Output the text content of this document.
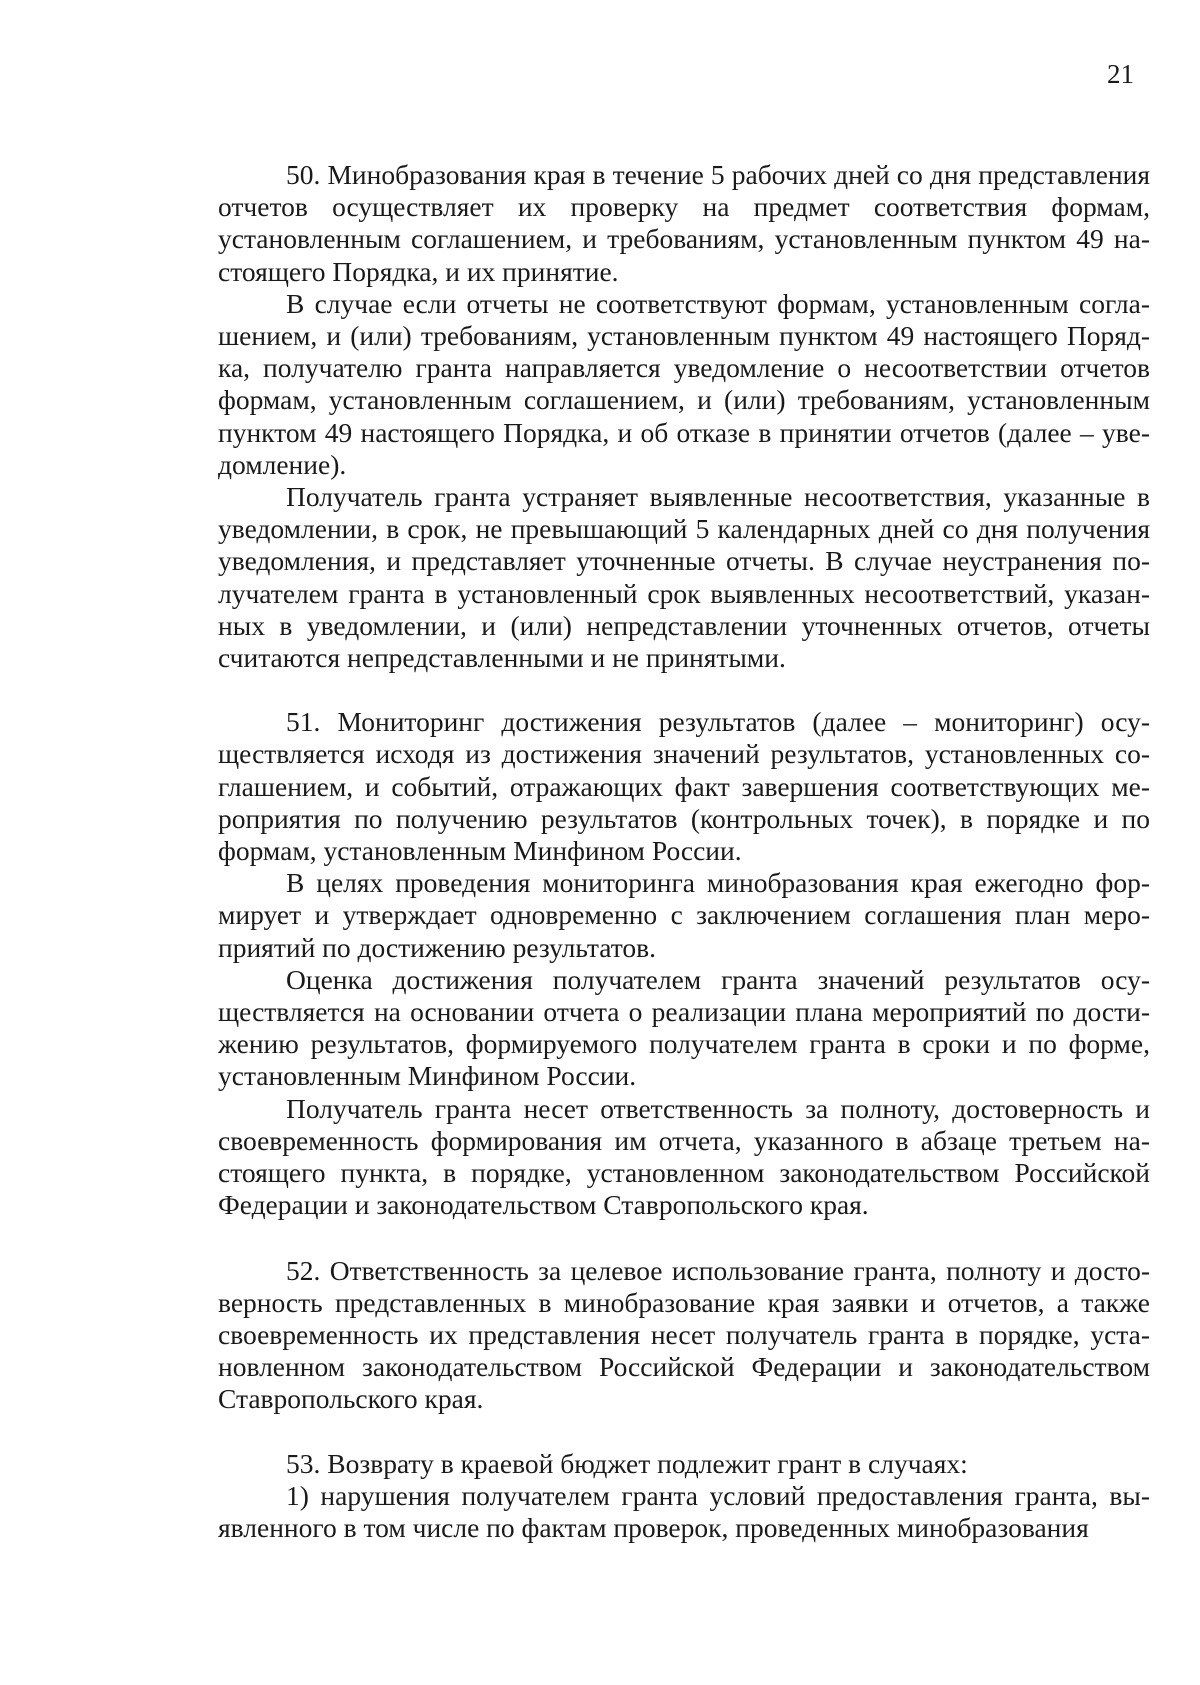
21

50. Минобразования края в течение 5 рабочих дней со дня представления отчетов осуществляет их проверку на предмет соответствия формам, установленным соглашением, и требованиям, установленным пунктом 49 настоящего Порядка, и их принятие.

В случае если отчеты не соответствуют формам, установленным соглашением, и (или) требованиям, установленным пунктом 49 настоящего Порядка, получателю гранта направляется уведомление о несоответствии отчетов формам, установленным соглашением, и (или) требованиям, установленным пунктом 49 настоящего Порядка, и об отказе в принятии отчетов (далее – уведомление).

Получатель гранта устраняет выявленные несоответствия, указанные в уведомлении, в срок, не превышающий 5 календарных дней со дня получения уведомления, и представляет уточненные отчеты. В случае неустранения получателем гранта в установленный срок выявленных несоответствий, указанных в уведомлении, и (или) непредставлении уточненных отчетов, отчеты считаются непредставленными и не принятыми.

51. Мониторинг достижения результатов (далее – мониторинг) осуществляется исходя из достижения значений результатов, установленных соглашением, и событий, отражающих факт завершения соответствующих мероприятия по получению результатов (контрольных точек), в порядке и по формам, установленным Минфином России.

В целях проведения мониторинга минобразования края ежегодно формирует и утверждает одновременно с заключением соглашения план мероприятий по достижению результатов.

Оценка достижения получателем гранта значений результатов осуществляется на основании отчета о реализации плана мероприятий по достижению результатов, формируемого получателем гранта в сроки и по форме, установленным Минфином России.

Получатель гранта несет ответственность за полноту, достоверность и своевременность формирования им отчета, указанного в абзаце третьем настоящего пункта, в порядке, установленном законодательством Российской Федерации и законодательством Ставропольского края.

52. Ответственность за целевое использование гранта, полноту и достоверность представленных в минобразование края заявки и отчетов, а также своевременность их представления несет получатель гранта в порядке, установленном законодательством Российской Федерации и законодательством Ставропольского края.

53. Возврату в краевой бюджет подлежит грант в случаях:

1) нарушения получателем гранта условий предоставления гранта, выявленного в том числе по фактам проверок, проведенных минобразования
